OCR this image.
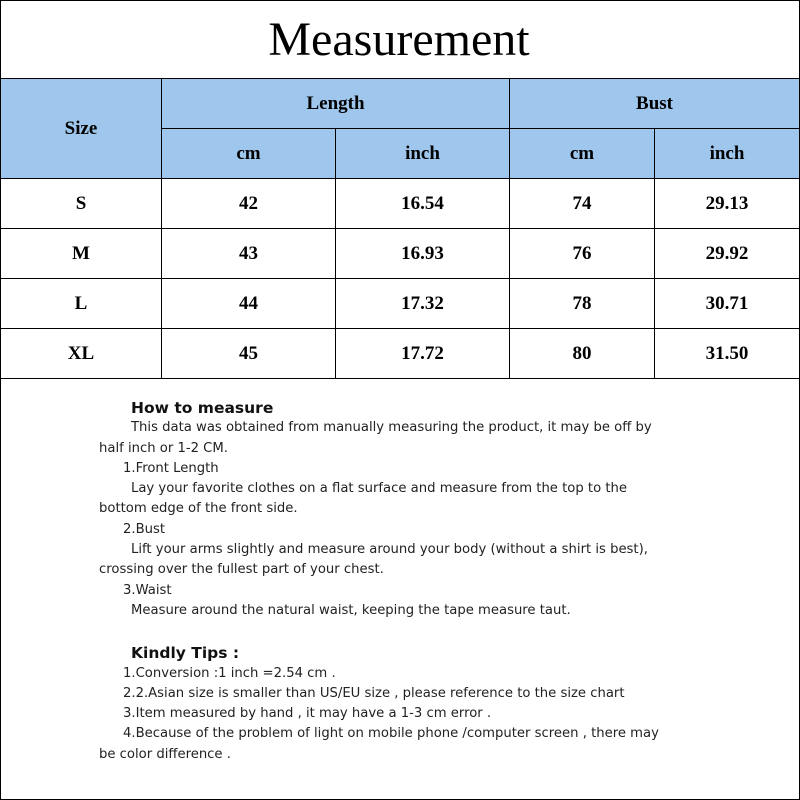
Measurement
Size	Length		Bust	
	cm	inch	cm	inch
S	42	16.54	74	29.13
M	43	16.93	76	29.92
L	44	17.32	78	30.71
XL	45	17.72	80	31.50
How to measure
This data was obtained from manually measuring the product, it may be off by
half inch or 1-2 CM.
1.Front Length
Lay your favorite clothes on a flat surface and measure from the top to the
bottom edge of the front side.
2.Bust
Lift your arms slightly and measure around your body (without a shirt is best),
crossing over the fullest part of your chest.
3.Waist
Measure around the natural waist, keeping the tape measure taut.
Kindly Tips :
1.Conversion :1 inch =2.54 cm .
2.2.Asian size is smaller than US/EU size , please reference to the size chart
3.Item measured by hand , it may have a 1-3 cm error .
4.Because of the problem of light on mobile phone /computer screen , there may
be color difference .
